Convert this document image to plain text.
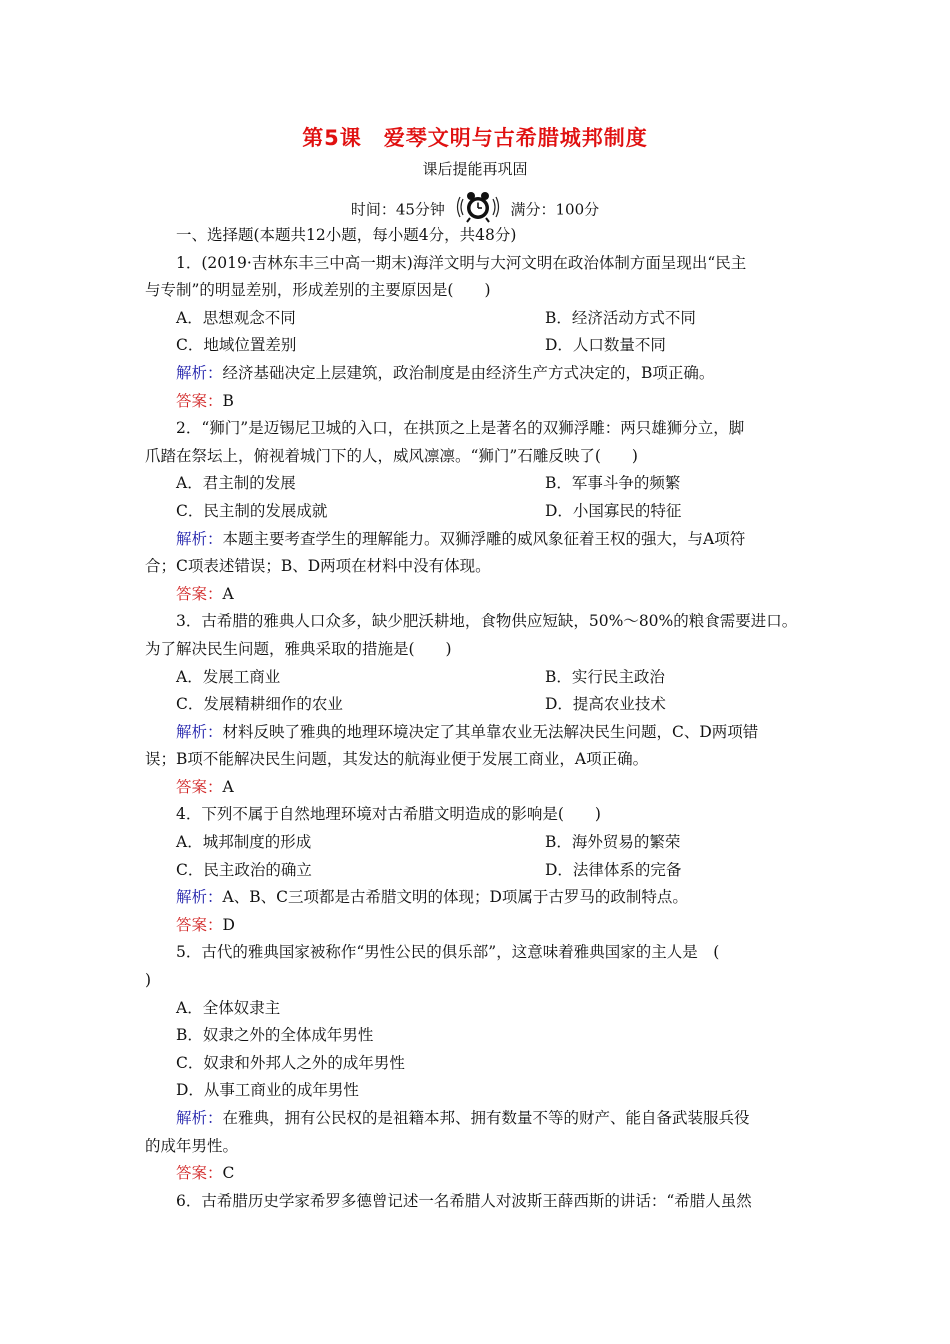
第5课　爱琴文明与古希腊城邦制度
课后提能再巩固
时间：45分钟	满分：100分
一、选择题(本题共12小题，每小题4分，共48分)
1．(2019·吉林东丰三中高一期末)海洋文明与大河文明在政治体制方面呈现出“民主
与专制”的明显差别，形成差别的主要原因是(　　)
A．思想观念不同	B．经济活动方式不同
C．地域位置差别	D．人口数量不同
解析：经济基础决定上层建筑，政治制度是由经济生产方式决定的，B项正确。
答案：B
2．“狮门”是迈锡尼卫城的入口，在拱顶之上是著名的双狮浮雕：两只雄狮分立，脚
爪踏在祭坛上，俯视着城门下的人，威风凛凛。“狮门”石雕反映了(　　)
A．君主制的发展	B．军事斗争的频繁
C．民主制的发展成就	D．小国寡民的特征
解析：本题主要考查学生的理解能力。双狮浮雕的威风象征着王权的强大，与A项符
合；C项表述错误；B、D两项在材料中没有体现。
答案：A
3．古希腊的雅典人口众多，缺少肥沃耕地，食物供应短缺，50%～80%的粮食需要进口。
为了解决民生问题，雅典采取的措施是(　　)
A．发展工商业	B．实行民主政治
C．发展精耕细作的农业	D．提高农业技术
解析：材料反映了雅典的地理环境决定了其单靠农业无法解决民生问题，C、D两项错
误；B项不能解决民生问题，其发达的航海业便于发展工商业，A项正确。
答案：A
4．下列不属于自然地理环境对古希腊文明造成的影响是(　　)
A．城邦制度的形成	B．海外贸易的繁荣
C．民主政治的确立	D．法律体系的完备
解析：A、B、C三项都是古希腊文明的体现；D项属于古罗马的政制特点。
答案：D
5．古代的雅典国家被称作“男性公民的俱乐部”，这意味着雅典国家的主人是　(
)
A．全体奴隶主
B．奴隶之外的全体成年男性
C．奴隶和外邦人之外的成年男性
D．从事工商业的成年男性
解析：在雅典，拥有公民权的是祖籍本邦、拥有数量不等的财产、能自备武装服兵役
的成年男性。
答案：C
6．古希腊历史学家希罗多德曾记述一名希腊人对波斯王薛西斯的讲话：“希腊人虽然
